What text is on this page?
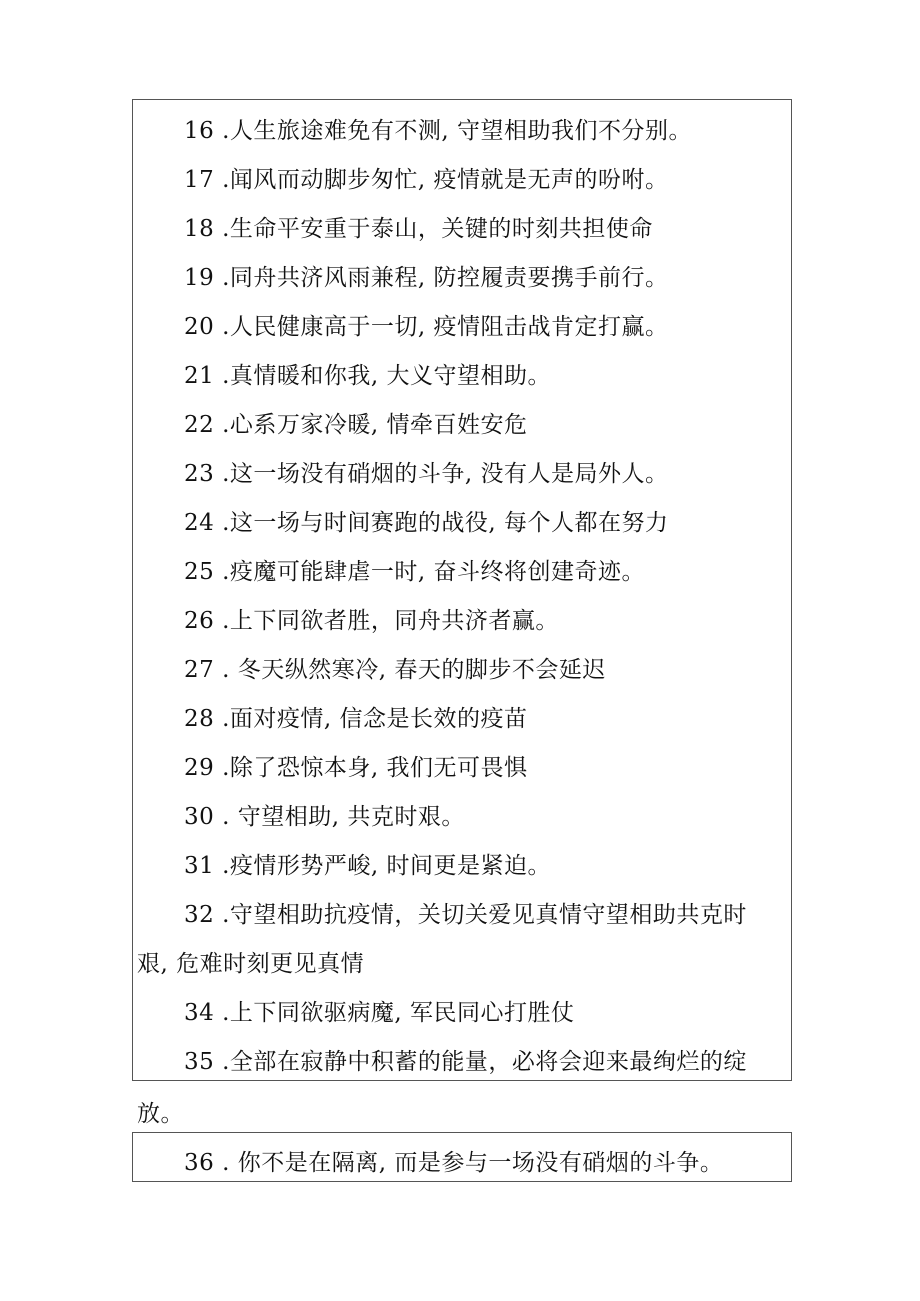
16 .人生旅途难免有不测, 守望相助我们不分别。
17 .闻风而动脚步匆忙, 疫情就是无声的吩咐。
18 .生命平安重于泰山，关键的时刻共担使命
19 .同舟共济风雨兼程, 防控履责要携手前行。
20 .人民健康高于一切, 疫情阻击战肯定打赢。
21 .真情暖和你我, 大义守望相助。
22 .心系万家冷暖, 情牵百姓安危
23 .这一场没有硝烟的斗争, 没有人是局外人。
24 .这一场与时间赛跑的战役, 每个人都在努力
25 .疫魔可能肆虐一时, 奋斗终将创建奇迹。
26 .上下同欲者胜，同舟共济者赢。
27 . 冬天纵然寒冷, 春天的脚步不会延迟
28 .面对疫情, 信念是长效的疫苗
29 .除了恐惊本身, 我们无可畏惧
30 . 守望相助, 共克时艰。
31 .疫情形势严峻, 时间更是紧迫。
32 .守望相助抗疫情，关切关爱见真情守望相助共克时
艰, 危难时刻更见真情
34 .上下同欲驱病魔, 军民同心打胜仗
35 .全部在寂静中积蓄的能量，必将会迎来最绚烂的绽
放。
36 . 你不是在隔离, 而是参与一场没有硝烟的斗争。
